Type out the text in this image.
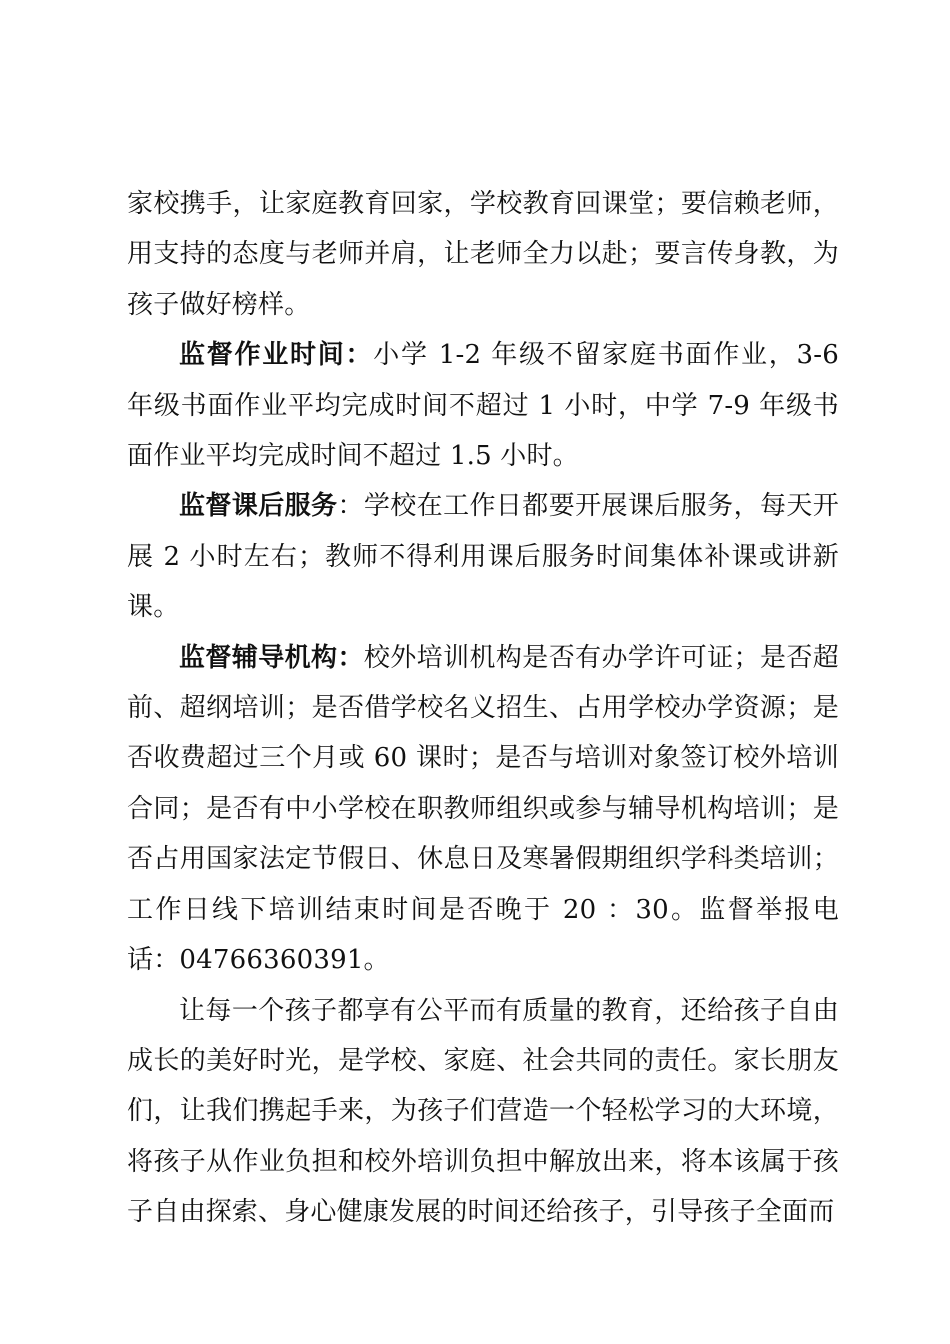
家校携手，让家庭教育回家，学校教育回课堂；要信赖老师，用支持的态度与老师并肩，让老师全力以赴；要言传身教，为孩子做好榜样。

监督作业时间：小学 1-2 年级不留家庭书面作业，3-6 年级书面作业平均完成时间不超过 1 小时，中学 7-9 年级书面作业平均完成时间不超过 1.5 小时。

监督课后服务：学校在工作日都要开展课后服务，每天开展 2 小时左右；教师不得利用课后服务时间集体补课或讲新课。

监督辅导机构：校外培训机构是否有办学许可证；是否超前、超纲培训；是否借学校名义招生、占用学校办学资源；是否收费超过三个月或 60 课时；是否与培训对象签订校外培训合同；是否有中小学校在职教师组织或参与辅导机构培训；是否占用国家法定节假日、休息日及寒暑假期组织学科类培训；工作日线下培训结束时间是否晚于 20 ：30。监督举报电话：04766360391。

让每一个孩子都享有公平而有质量的教育，还给孩子自由成长的美好时光，是学校、家庭、社会共同的责任。家长朋友们，让我们携起手来，为孩子们营造一个轻松学习的大环境，将孩子从作业负担和校外培训负担中解放出来，将本该属于孩子自由探索、身心健康发展的时间还给孩子，引导孩子全面而
